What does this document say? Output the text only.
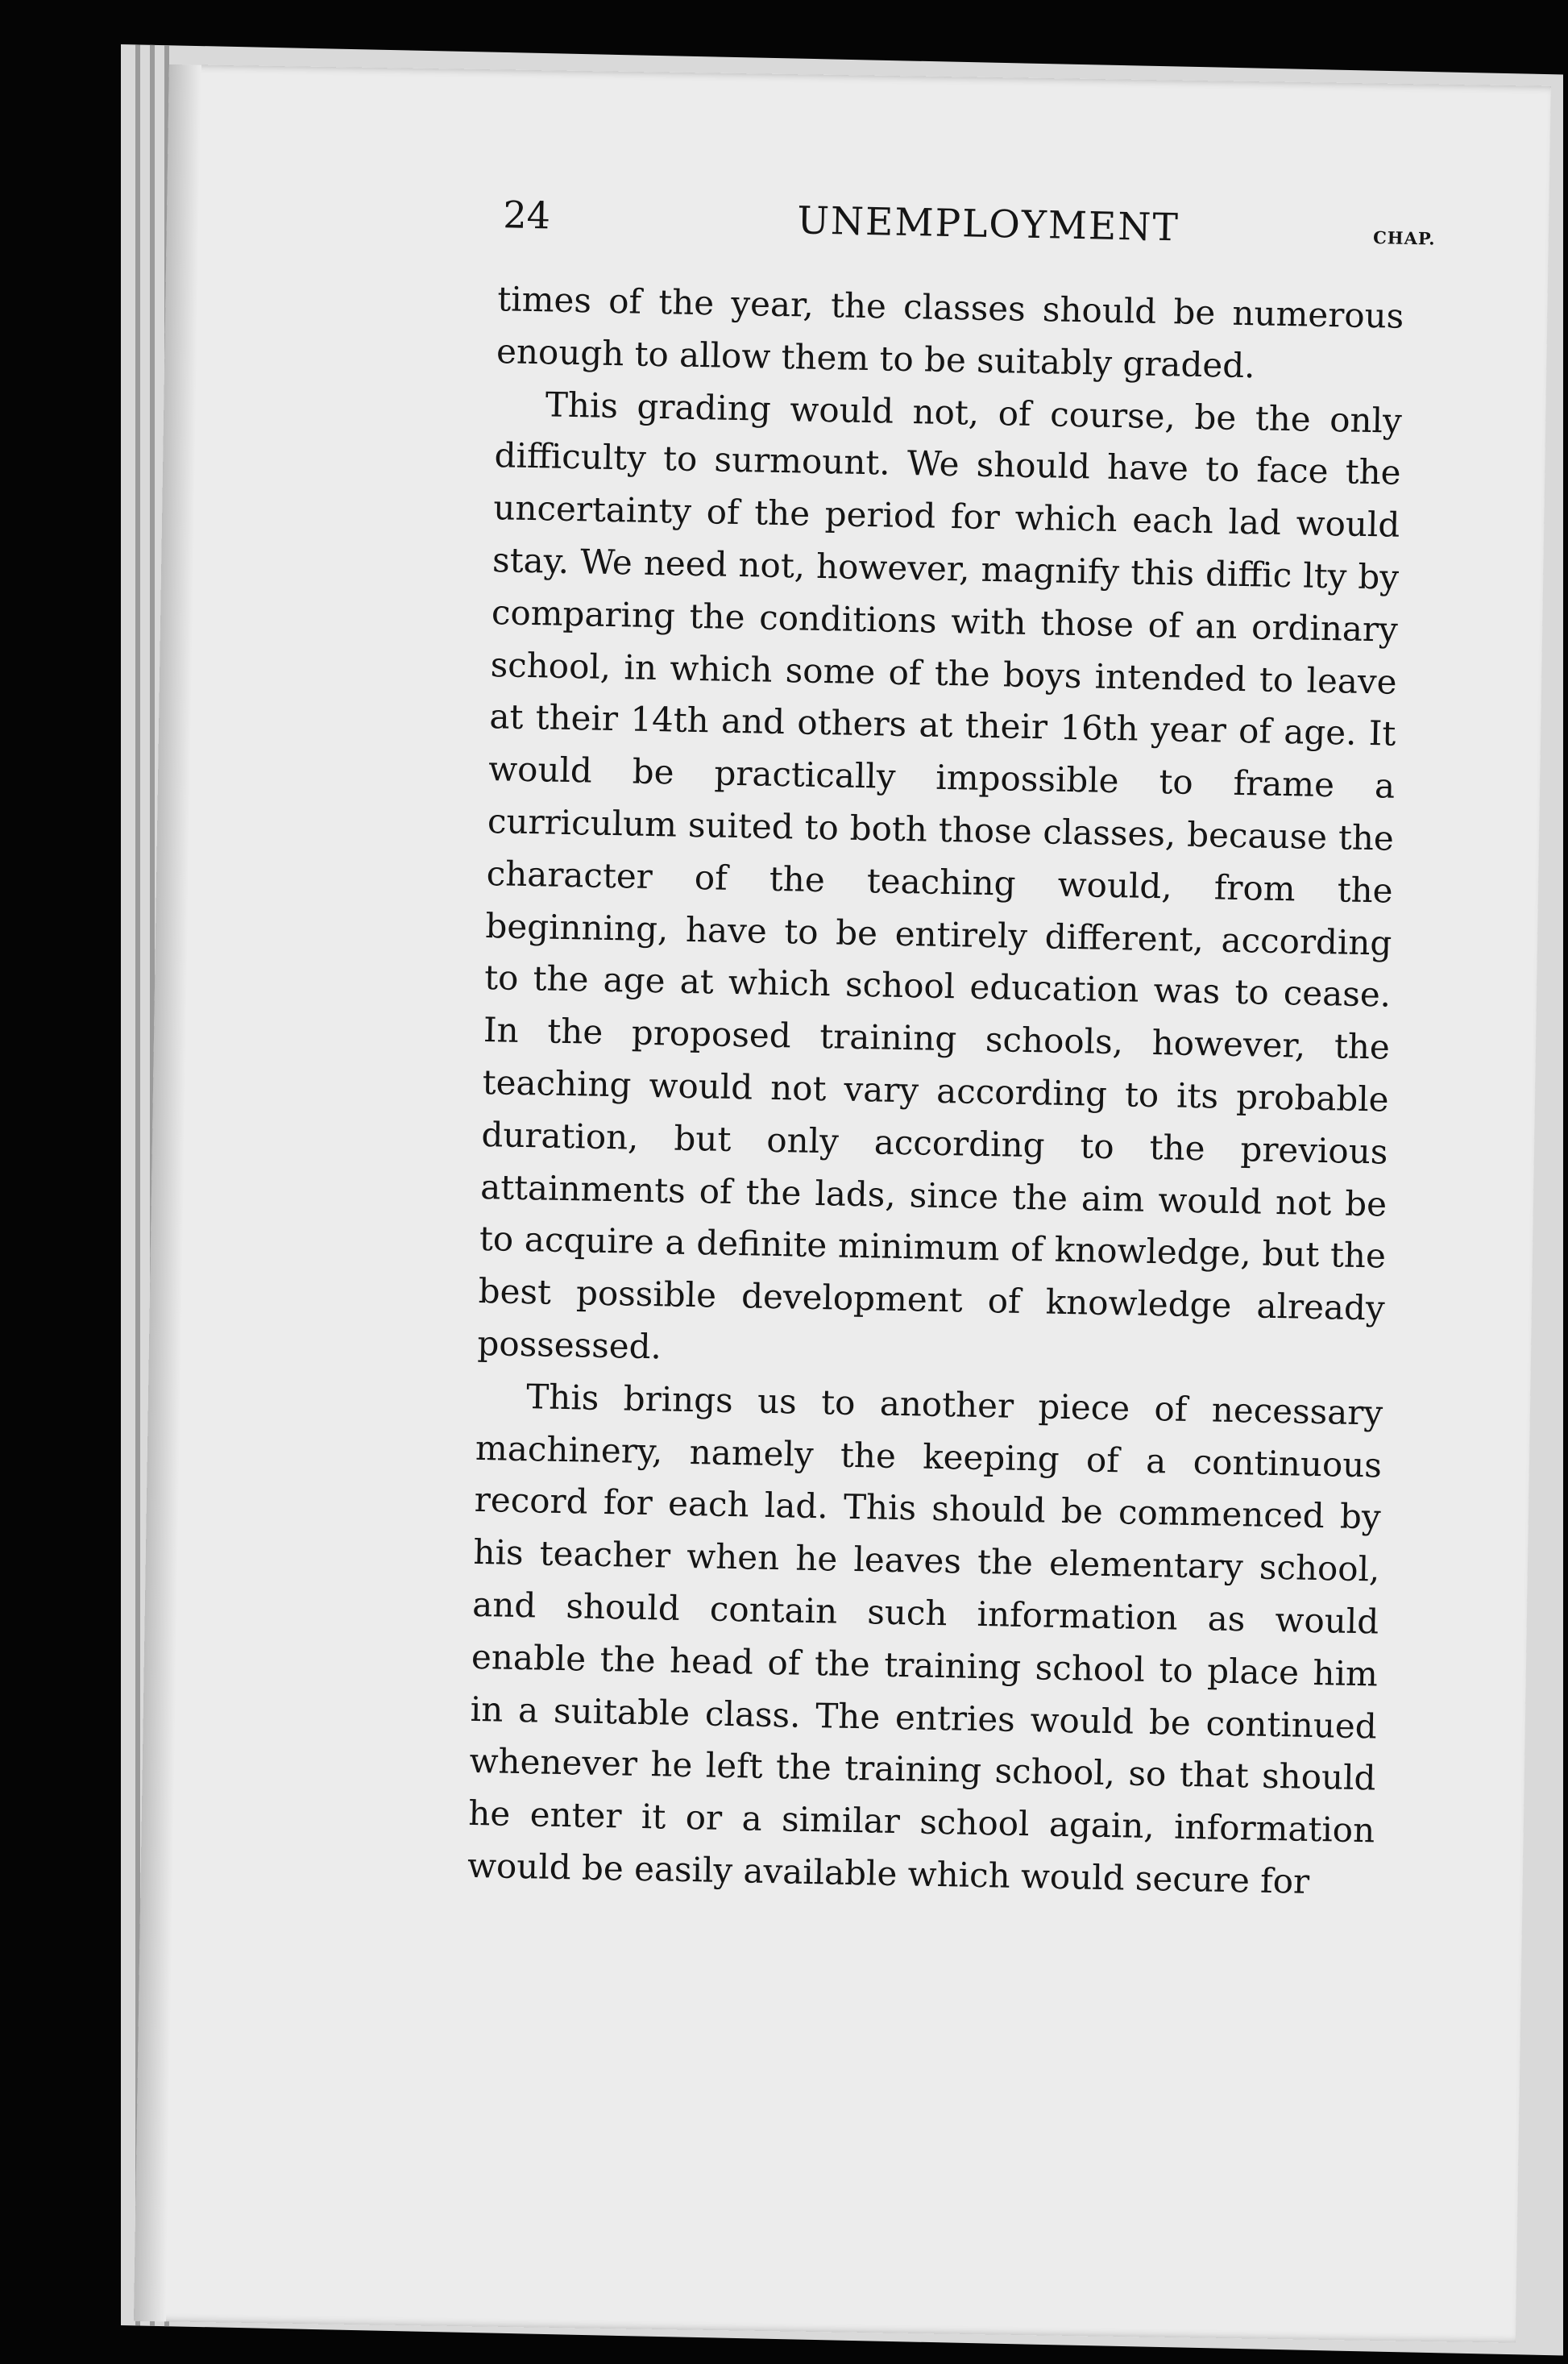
24	UNEMPLOYMENT	CHAP.

times of the year, the classes should be numerous enough to allow them to be suitably graded.

This grading would not, of course, be the only difficulty to surmount. We should have to face the uncertainty of the period for which each lad would stay. We need not, however, magnify this diffic lty by comparing the conditions with those of an ordinary school, in which some of the boys intended to leave at their 14th and others at their 16th year of age. It would be practically impossible to frame a curriculum suited to both those classes, because the character of the teaching would, from the beginning, have to be entirely different, according to the age at which school education was to cease. In the proposed training schools, however, the teaching would not vary according to its probable duration, but only according to the previous attainments of the lads, since the aim would not be to acquire a definite minimum of knowledge, but the best possible development of knowledge already possessed.

This brings us to another piece of necessary machinery, namely the keeping of a continuous record for each lad. This should be commenced by his teacher when he leaves the elementary school, and should contain such information as would enable the head of the training school to place him in a suitable class. The entries would be continued whenever he left the training school, so that should he enter it or a similar school again, information would be easily available which would secure for
